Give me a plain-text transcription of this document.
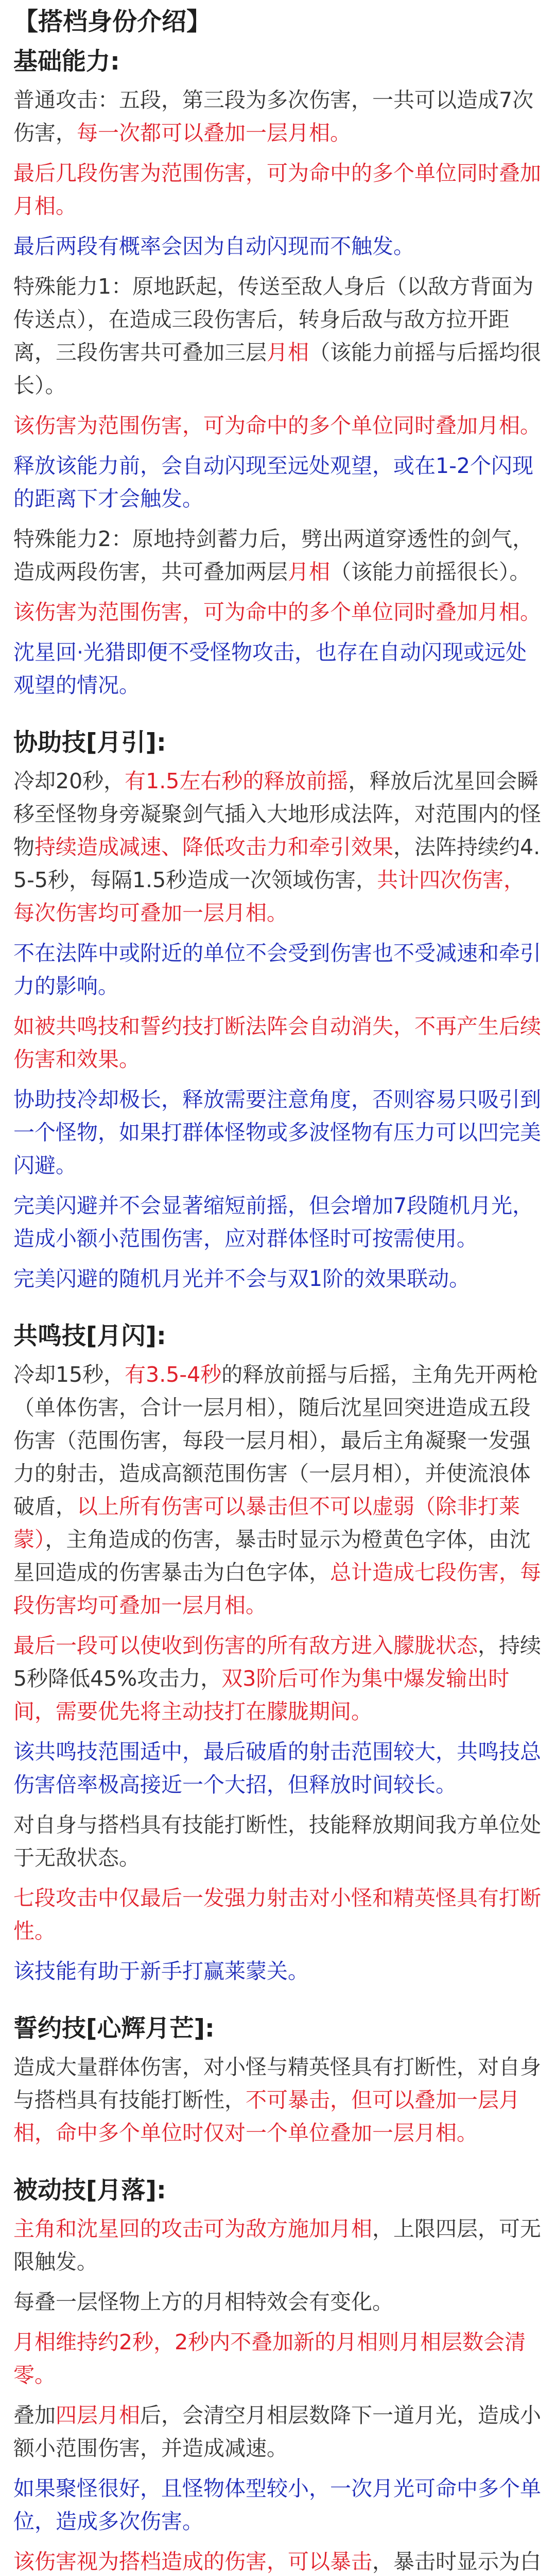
【搭档身份介绍】
基础能力:
普通攻击：五段，第三段为多次伤害，一共可以造成7次伤害，每一次都可以叠加一层月相。
最后几段伤害为范围伤害，可为命中的多个单位同时叠加月相。
最后两段有概率会因为自动闪现而不触发。
特殊能力1：原地跃起，传送至敌人身后（以敌方背面为传送点），在造成三段伤害后，转身后敌与敌方拉开距离，三段伤害共可叠加三层月相（该能力前摇与后摇均很长）。
该伤害为范围伤害，可为命中的多个单位同时叠加月相。
释放该能力前，会自动闪现至远处观望，或在1-2个闪现的距离下才会触发。
特殊能力2：原地持剑蓄力后，劈出两道穿透性的剑气，造成两段伤害，共可叠加两层月相（该能力前摇很长）。
该伤害为范围伤害，可为命中的多个单位同时叠加月相。
沈星回·光猎即便不受怪物攻击，也存在自动闪现或远处观望的情况。
协助技[月引]:
冷却20秒，有1.5左右秒的释放前摇，释放后沈星回会瞬移至怪物身旁凝聚剑气插入大地形成法阵，对范围内的怪物持续造成减速、降低攻击力和牵引效果，法阵持续约4.5-5秒，每隔1.5秒造成一次领域伤害，共计四次伤害，每次伤害均可叠加一层月相。
不在法阵中或附近的单位不会受到伤害也不受减速和牵引力的影响。
如被共鸣技和誓约技打断法阵会自动消失，不再产生后续伤害和效果。
协助技冷却极长，释放需要注意角度，否则容易只吸引到一个怪物，如果打群体怪物或多波怪物有压力可以凹完美闪避。
完美闪避并不会显著缩短前摇，但会增加7段随机月光，造成小额小范围伤害，应对群体怪时可按需使用。
完美闪避的随机月光并不会与双1阶的效果联动。
共鸣技[月闪]:
冷却15秒，有3.5-4秒的释放前摇与后摇，主角先开两枪（单体伤害，合计一层月相），随后沈星回突进造成五段伤害（范围伤害，每段一层月相），最后主角凝聚一发强力的射击，造成高额范围伤害（一层月相），并使流浪体破盾，以上所有伤害可以暴击但不可以虚弱（除非打莱蒙），主角造成的伤害，暴击时显示为橙黄色字体，由沈星回造成的伤害暴击为白色字体，总计造成七段伤害，每段伤害均可叠加一层月相。
最后一段可以使收到伤害的所有敌方进入朦胧状态，持续5秒降低45%攻击力，双3阶后可作为集中爆发输出时间，需要优先将主动技打在朦胧期间。
该共鸣技范围适中，最后破盾的射击范围较大，共鸣技总伤害倍率极高接近一个大招，但释放时间较长。
对自身与搭档具有技能打断性，技能释放期间我方单位处于无敌状态。
七段攻击中仅最后一发强力射击对小怪和精英怪具有打断性。
该技能有助于新手打赢莱蒙关。
誓约技[心辉月芒]:
造成大量群体伤害，对小怪与精英怪具有打断性，对自身与搭档具有技能打断性，不可暴击，但可以叠加一层月相，命中多个单位时仅对一个单位叠加一层月相。
被动技[月落]:
主角和沈星回的攻击可为敌方施加月相，上限四层，可无限触发。
每叠一层怪物上方的月相特效会有变化。
月相维持约2秒，2秒内不叠加新的月相则月相层数会清零。
叠加四层月相后，会清空月相层数降下一道月光，造成小额小范围伤害，并造成减速。
如果聚怪很好，且怪物体型较小，一次月光可命中多个单位，造成多次伤害。
该伤害视为搭档造成的伤害，可以暴击，暴击时显示为白
